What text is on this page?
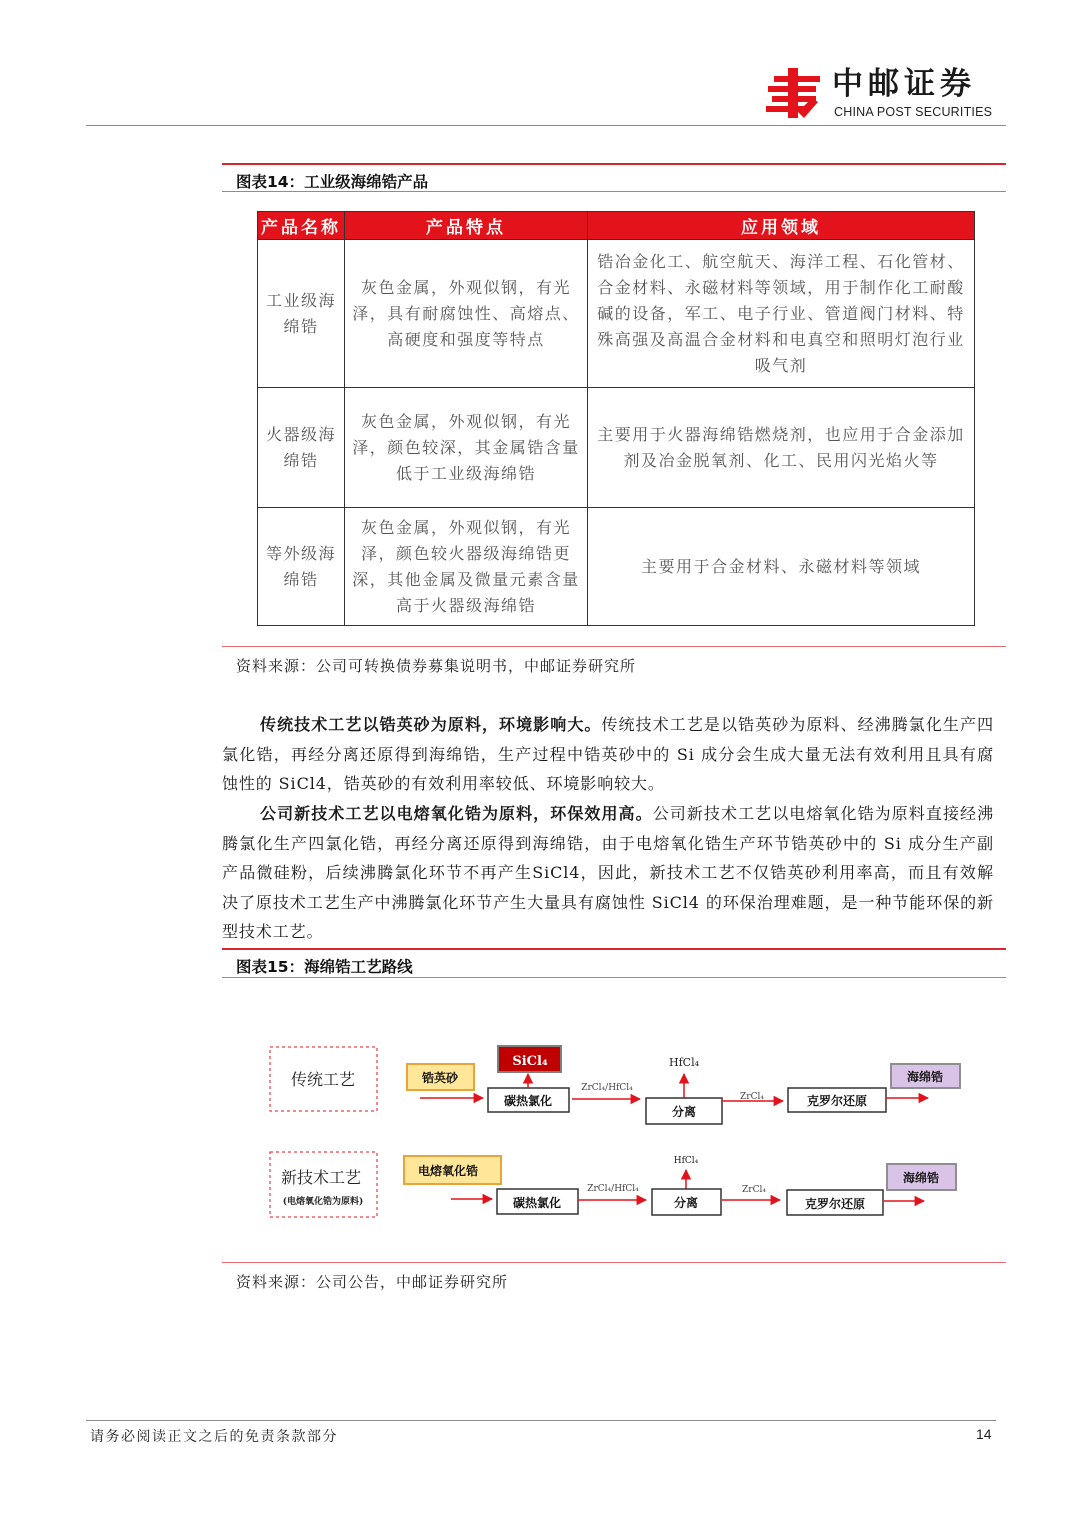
中邮证券
CHINA POST SECURITIES
图表14：工业级海绵锆产品
产品名称	产品特点	应用领域
工业级海绵锆	灰色金属，外观似钢，有光泽，具有耐腐蚀性、高熔点、高硬度和强度等特点	锆冶金化工、航空航天、海洋工程、石化管材、合金材料、永磁材料等领域，用于制作化工耐酸碱的设备，军工、电子行业、管道阀门材料、特殊高强及高温合金材料和电真空和照明灯泡行业吸气剂
火器级海绵锆	灰色金属，外观似钢，有光泽，颜色较深，其金属锆含量低于工业级海绵锆	主要用于火器海绵锆燃烧剂，也应用于合金添加剂及冶金脱氧剂、化工、民用闪光焰火等
等外级海绵锆	灰色金属，外观似钢，有光泽，颜色较火器级海绵锆更深，其他金属及微量元素含量高于火器级海绵锆	主要用于合金材料、永磁材料等领域
资料来源：公司可转换债券募集说明书，中邮证券研究所
传统技术工艺以锆英砂为原料，环境影响大。传统技术工艺是以锆英砂为原料、经沸腾氯化生产四氯化锆，再经分离还原得到海绵锆，生产过程中锆英砂中的 Si 成分会生成大量无法有效利用且具有腐蚀性的 SiCl4，锆英砂的有效利用率较低、环境影响较大。
公司新技术工艺以电熔氧化锆为原料，环保效用高。公司新技术工艺以电熔氧化锆为原料直接经沸腾氯化生产四氯化锆，再经分离还原得到海绵锆，由于电熔氧化锆生产环节锆英砂中的 Si 成分生产副产品微硅粉，后续沸腾氯化环节不再产生SiCl4，因此，新技术工艺不仅锆英砂利用率高，而且有效解决了原技术工艺生产中沸腾氯化环节产生大量具有腐蚀性 SiCl4 的环保治理难题，是一种节能环保的新型技术工艺。
图表15：海绵锆工艺路线
传统工艺	锆英砂
SiCl₄
碳热氯化
ZrCl₄/HfCl₄
HfCl₄
分离
ZrCl₄	克罗尔还原
海绵锆
新技术工艺
(电熔氧化锆为原料)
电熔氧化锆
碳热氯化
ZrCl₄/HfCl₄
HfCl₄
分离
ZrCl₄
克罗尔还原
海绵锆
资料来源：公司公告，中邮证券研究所
请务必阅读正文之后的免责条款部分	14
